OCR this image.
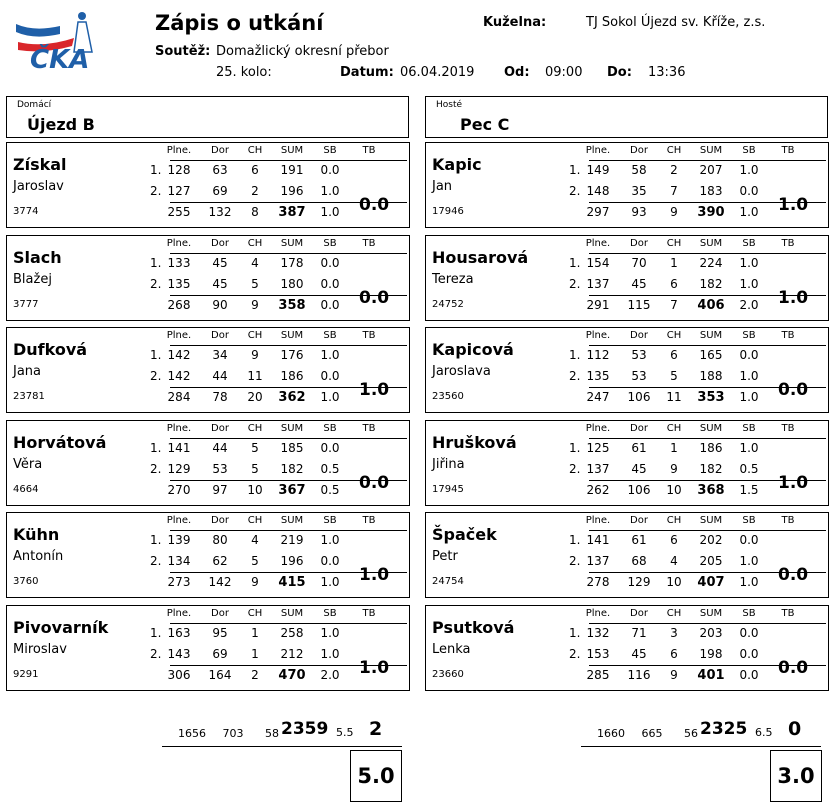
ČKA
Zápis o utkání
Soutěž: Domažlický okresní přebor
25. kolo:	Datum: 06.04.2019 Od: 09:00 Do: 13:36
Kuželna:	TJ Sokol Újezd sv. Kříže, z.s.
Domácí
Újezd B
Hosté
Pec C
Získal
Jaroslav
3774
Plne.	Dor	CH	SUM	SB	TB
1. 128	63	6	191	0.0
2. 127	69	2	196	1.0
255	132	8	387	1.0	0.0
Slach
Blažej
3777
Plne.	Dor	CH	SUM	SB	TB
1. 133	45	4	178	0.0
2. 135	45	5	180	0.0
268	90	9	358	0.0	0.0
Dufková
Jana
23781
Plne.	Dor	CH	SUM	SB	TB
1. 142	34	9	176	1.0
2. 142	44	11	186	0.0
284	78	20	362	1.0	1.0
Horvátová
Věra
4664
Plne.	Dor	CH	SUM	SB	TB
1. 141	44	5	185	0.0
2. 129	53	5	182	0.5
270	97	10	367	0.5	0.0
Kühn
Antonín
3760
Plne.	Dor	CH	SUM	SB	TB
1. 139	80	4	219	1.0
2. 134	62	5	196	0.0
273	142	9	415	1.0	1.0
Pivovarník
Miroslav
9291
Plne.	Dor	CH	SUM	SB	TB
1. 163	95	1	258	1.0
2. 143	69	1	212	1.0
306	164	2	470	2.0	1.0
Kapic
Jan
17946
Plne.	Dor	CH	SUM	SB	TB
1. 149	58	2	207	1.0
2. 148	35	7	183	0.0
297	93	9	390	1.0	1.0
Housarová
Tereza
24752
Plne.	Dor	CH	SUM	SB	TB
1. 154	70	1	224	1.0
2. 137	45	6	182	1.0
291	115	7	406	2.0	1.0
Kapicová
Jaroslava
23560
Plne.	Dor	CH	SUM	SB	TB
1. 112	53	6	165	0.0
2. 135	53	5	188	1.0
247	106	11	353	1.0	0.0
Hrušková
Jiřina
17945
Plne.	Dor	CH	SUM	SB	TB
1. 125	61	1	186	1.0
2. 137	45	9	182	0.5
262	106	10	368	1.5	1.0
Špaček
Petr
24754
Plne.	Dor	CH	SUM	SB	TB
1. 141	61	6	202	0.0
2. 137	68	4	205	1.0
278	129	10	407	1.0	0.0
Psutková
Lenka
23660
Plne.	Dor	CH	SUM	SB	TB
1. 132	71	3	203	0.0
2. 153	45	6	198	0.0
285	116	9	401	0.0	0.0
1656	703	58 2359 5.5 2
5.0
1660	665	56 2325 6.5 0
3.0
